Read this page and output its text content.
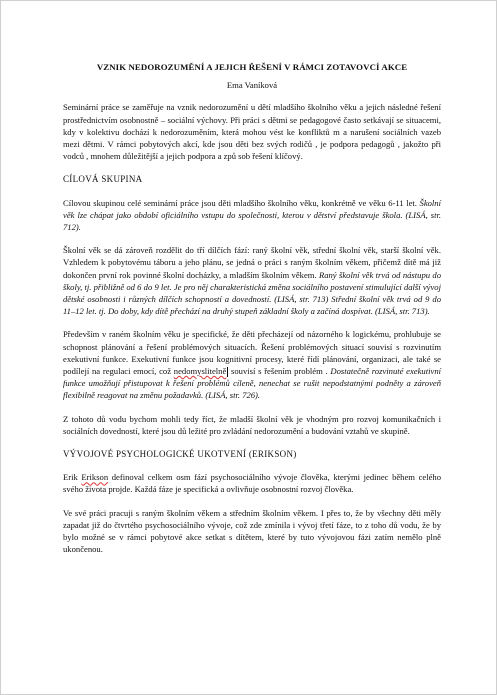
VZNIK NEDOROZUMĚNÍ A JEJICH ŘEŠENÍ V RÁMCI ZOTAVOVCÍ AKCE
Ema Vaníková

Seminární práce se zaměřuje na vznik nedorozumění u dětí mladšího školního věku a jejich následné řešení prostřednictvím osobnostně – sociální výchovy. Při práci s dětmi se pedagogové často setkávají se situacemi, kdy v kolektivu dochází k nedorozuměním, která mohou vést ke konfliktů m a narušení sociálních vazeb mezi dětmi. V rámci pobytových akcí, kde jsou děti bez svých rodičů , je podpora pedagogů , jakožto při vodců , mnohem důležitější a jejich podpora a způ sob řešení klíčový.

CÍLOVÁ SKUPINA

Cílovou skupinou celé seminární práce jsou děti mladšího školního věku, konkrétně ve věku 6-11 let. Školní věk lze chápat jako období oficiálního vstupu do společnosti, kterou v dětství představuje škola. (LISÁ, str. 712).

Školní věk se dá zároveň rozdělit do tří dílčích fází: raný školní věk, střední školní věk, starší školní věk. Vzhledem k pobytovému táboru a jeho plánu, se jedná o práci s raným školním věkem, přičemž dítě má již dokončen první rok povinné školní docházky, a mladším školním věkem. Raný školní věk trvá od nástupu do školy, tj. přibližně od 6 do 9 let. Je pro něj charakteristická změna sociálního postavení stimulující další vývoj dětské osobnosti i různých dílčích schopností a dovedností. (LISÁ, str. 713) Střední školní věk trvá od 9 do 11–12 let. tj. Do doby, kdy dítě přechází na druhý stupeň základní školy a začíná dospívat. (LISÁ, str. 713).

Především v raném školním věku je specifické, že děti přecházejí od názorného k logickému, prohlubuje se schopnost plánování a řešení problémových situacích. Řešení problémových situací souvisí s rozvinutím exekutivní funkce. Exekutivní funkce jsou kognitivní procesy, které řídí plánování, organizaci, ale také se podílejí na regulaci emocí, což nedomyslitelně souvisí s řešením problém . Dostatečně rozvinuté exekutivní funkce umožňují přistupovat k řešení problémů cíleně, nenechat se rušit nepodstatnými podněty a zároveň flexibilně reagovat na změnu požadavků. (LISÁ, str. 726).

Z tohoto dů vodu bychom mohli tedy říct, že mladší školní věk je vhodným pro rozvoj komunikačních i sociálních dovedností, které jsou dů ležité pro zvládání nedorozumění a budování vztahů ve skupině.

VÝVOJOVÉ PSYCHOLOGICKÉ UKOTVENÍ (ERIKSON)

Erik Erikson definoval celkem osm fází psychosociálního vývoje člověka, kterými jedinec během celého svého života projde. Každá fáze je specifická a ovlivňuje osobnostní rozvoj člověka.

Ve své práci pracuji s raným školním věkem a středním školním věkem. I přes to, že by všechny děti měly zapadat již do čtvrtého psychosociálního vývoje, což zde zmínila i vývoj třetí fáze, to z toho dů vodu, že by bylo možné se v rámci pobytové akce setkat s dítětem, které by tuto vývojovou fázi zatím nemělo plně ukončenou.
